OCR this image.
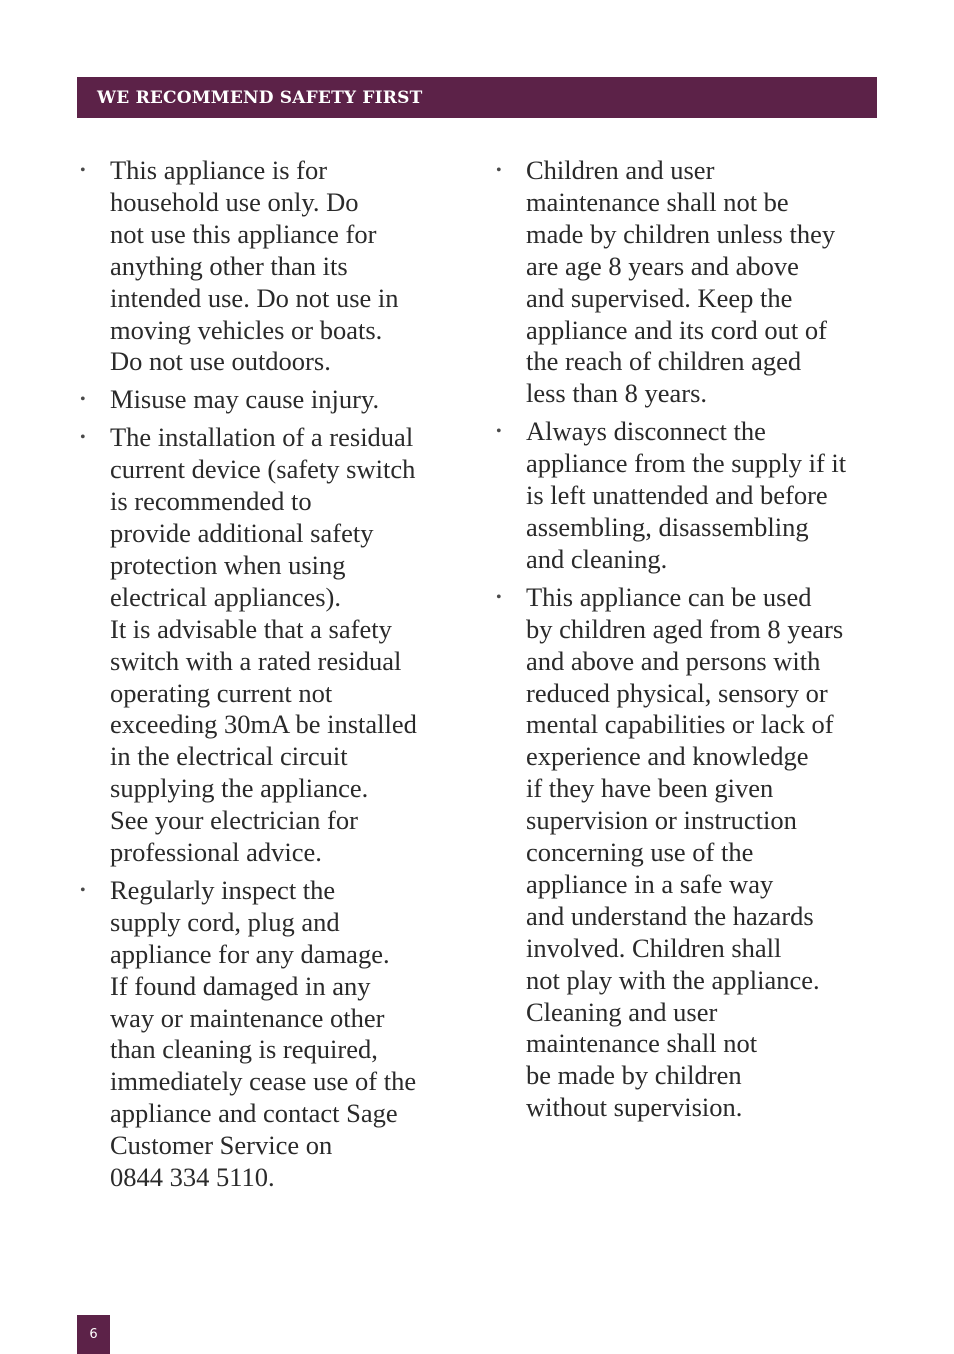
WE RECOMMEND SAFETY FIRST
• This appliance is for
household use only. Do
not use this appliance for
anything other than its
intended use. Do not use in
moving vehicles or boats.
Do not use outdoors.
• Misuse may cause injury.
• The installation of a residual
current device (safety switch
is recommended to
provide additional safety
protection when using
electrical appliances).
It is advisable that a safety
switch with a rated residual
operating current not
exceeding 30mA be installed
in the electrical circuit
supplying the appliance.
See your electrician for
professional advice.
• Regularly inspect the
supply cord, plug and
appliance for any damage.
If found damaged in any
way or maintenance other
than cleaning is required,
immediately cease use of the
appliance and contact Sage
Customer Service on
0844 334 5110.
• Children and user
maintenance shall not be
made by children unless they
are age 8 years and above
and supervised. Keep the
appliance and its cord out of
the reach of children aged
less than 8 years.
• Always disconnect the
appliance from the supply if it
is left unattended and before
assembling, disassembling
and cleaning.
• This appliance can be used
by children aged from 8 years
and above and persons with
reduced physical, sensory or
mental capabilities or lack of
experience and knowledge
if they have been given
supervision or instruction
concerning use of the
appliance in a safe way
and understand the hazards
involved. Children shall
not play with the appliance.
Cleaning and user
maintenance shall not
be made by children
without supervision.
6
